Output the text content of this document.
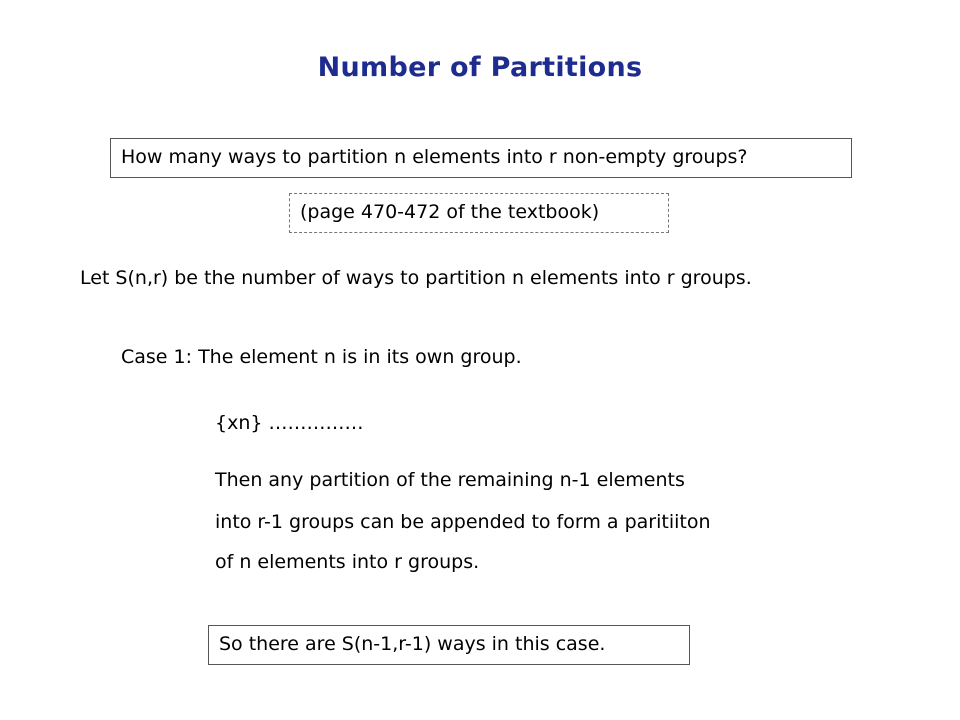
Number of Partitions
How many ways to partition n elements into r non-empty groups?
(page 470-472 of the textbook)
Let S(n,r) be the number of ways to partition n elements into r groups.
Case 1: The element n is in its own group.
{xn} ……………
Then any partition of the remaining n-1 elements
into r-1 groups can be appended to form a paritiiton
of n elements into r groups.
So there are S(n-1,r-1) ways in this case.
